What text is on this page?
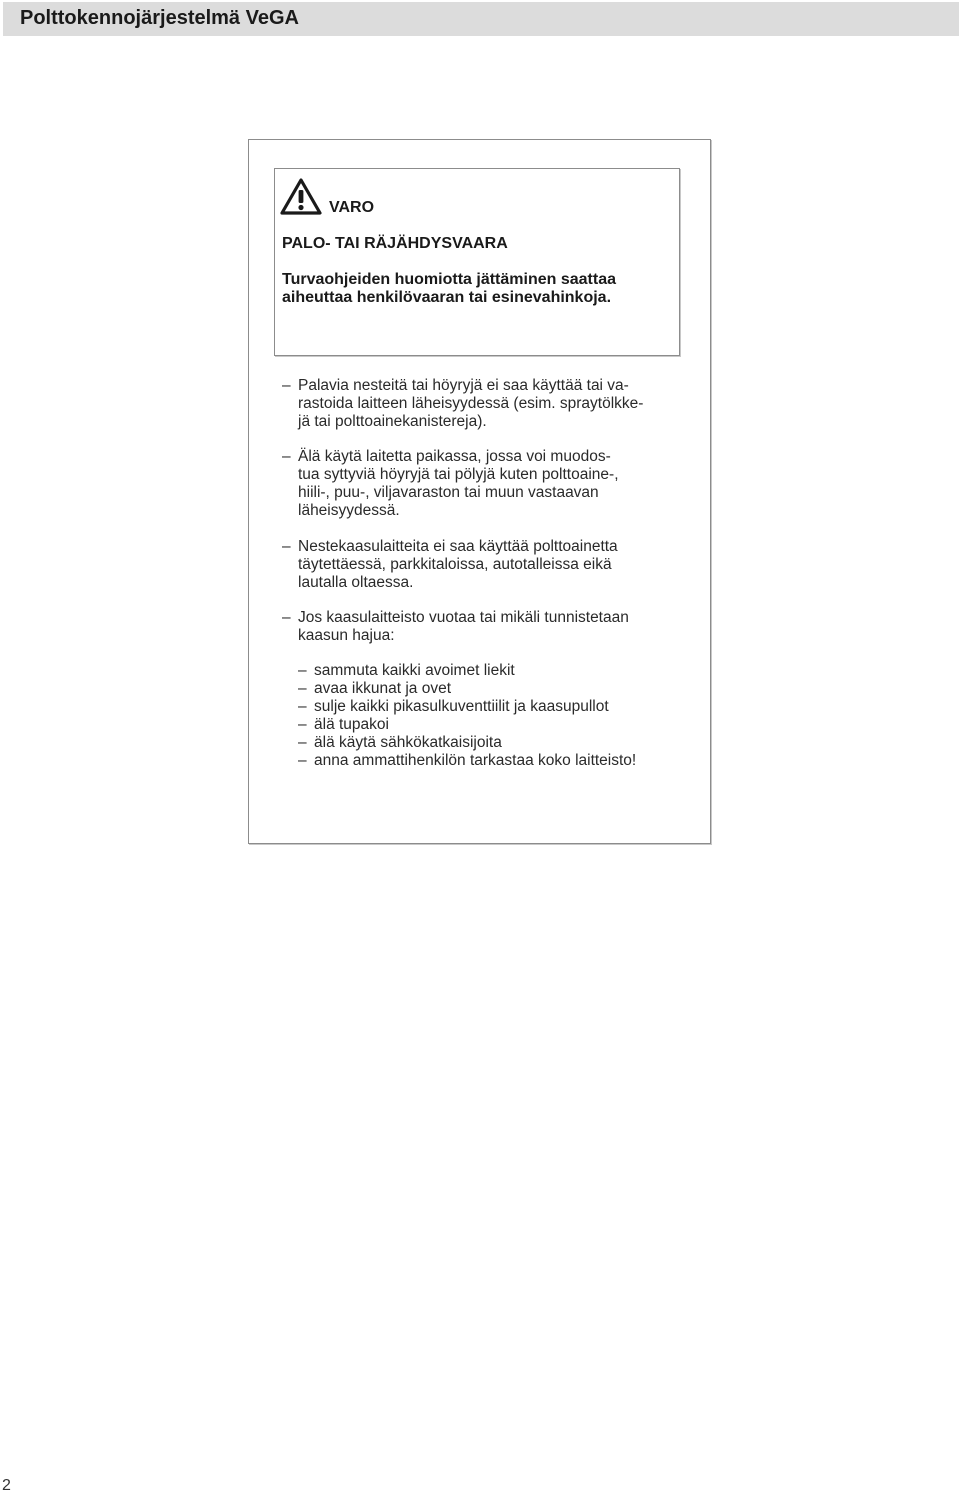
Polttokennojärjestelmä VeGA
VARO
PALO- TAI RÄJÄHDYSVAARA
Turvaohjeiden huomiotta jättäminen saattaa
aiheuttaa henkilövaaran tai esinevahinkoja.
– Palavia nesteitä tai höyryjä ei saa käyttää tai va-
rastoida laitteen läheisyydessä (esim. spraytölkke-
jä tai polttoainekanistereja).
– Älä käytä laitetta paikassa, jossa voi muodos-
tua syttyviä höyryjä tai pölyjä kuten polttoaine-,
hiili-, puu-, viljavaraston tai muun vastaavan
läheisyydessä.
– Nestekaasulaitteita ei saa käyttää polttoainetta
täytettäessä, parkkitaloissa, autotalleissa eikä
lautalla oltaessa.
– Jos kaasulaitteisto vuotaa tai mikäli tunnistetaan
kaasun hajua:
– sammuta kaikki avoimet liekit
– avaa ikkunat ja ovet
– sulje kaikki pikasulkuventtiilit ja kaasupullot
– älä tupakoi
– älä käytä sähkökatkaisijoita
– anna ammattihenkilön tarkastaa koko laitteisto!
2
